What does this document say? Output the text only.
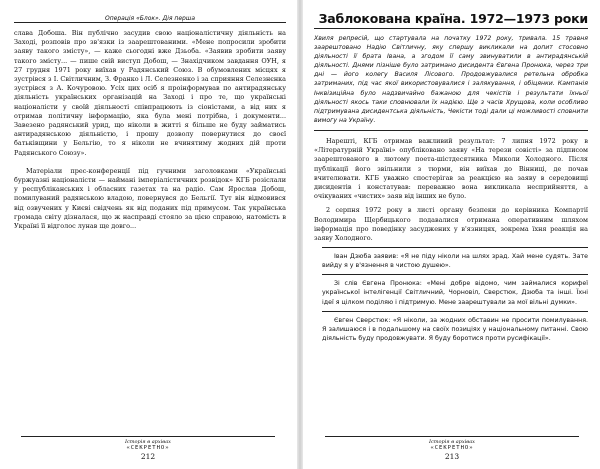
Операція «Блок». Дія перша

слава Добоша. Він публічно засудив свою націоналістичну діяльність на Заході, розповів про зв'язки із заарештованими. «Мене попросили зробити заяву такого змісту», — каже сьогодні вже Дзьоба. «Заявив зробити заяву такого змісту... — пише свій виступ Добош, — Знахідчиком завдання ОУН, я 27 грудня 1971 року виїхав у Радянський Союз. В обумовлених місцях я зустрівся з І. Світличним, З. Франко і Л. Селезненко і за сприяння Селезнєнка зустрівся з А. Кочуровою. Усіх цих осіб я проінформував по антирадянську діяльність українських організацій на Заході і про те, що українські націоналісти у своїй діяльності співпрацюють із сіоністами, а від них я отримав політичну інформацію, яка була мені потрібна, і документи... Завезено радянський урид, що ніколи в житті я більше не буду займатись антирадянською діяльністю, і прошу дозволу повернутися до своєї батьківщини у Бельгію, то я ніколи не вчинятиму жодних дій проти Радянського Союзу».

Матеріали прес-конференції під гучними заголовками «Українські буржуазні націоналісти — наймані імперіалістичних розвідок» КГБ розіслали у республіканських і обласних газетах та на радіо. Сам Ярослав Добош, помилуваний радянською владою, повернувся до Бельгії. Тут він відмовився від озвучених у Києві свідчень як від поданих під примусом. Так українська громада світу дізналася, що ж насправді стояло за цією справою, натомість в Україні її відголос лунав ще довго...

Історія в архівах
«СЕКРЕТНО»
212
Заблокована країна. 1972—1973 роки
Хвиля репресій, що стартувала на початку 1972 року, тривала. 15 травня заарештовано Надію Світличну, яку спершу викликали на допит стосовно діяльності її брата Івана, а згодом її саму звинуватили в антирадянській діяльності. Днями пізніше було затримано дисидента Євгена Пронюка, через три дні — його колегу Василя Лісового. Продовжувалися ретельна обробка затриманих, під час якої використовувалися і залякування, і обіцянки. Кампанія Інквізиційна було надзвичайно бажаною для чекістів і результати їхньої діяльності якось таки сповнювали їх надією. Ще з часів Хрущова, коли особливо підтримувана дисидентська діяльність, Чекісти тоді дали ці можливості сповнити вимогу на Україну.

Нарешті, КГБ отримав важливий результат: 7 липня 1972 року в «Літературній Україні» опубліковано заяву «На терези совісті» за підписом заарештованого в лютому поета-шістдесятника Миколи Холодного. Після публікації його звільнили з тюрми, він виїхав до Вінниці, де почав вчителювати. КГБ уважно спостерігав за реакцією на заяву в середовищі дисидентів і констатував: переважно вона викликала несприйняття, а очікуваних «чистих» заяв від інших не було.

2 серпня 1972 року в листі органу безпеки до керівника Компартії Володимира Щербицького подавалися отримана оперативним шляхом інформація про поведінку засуджених у в'язницях, зокрема їхня реакція на заяву Холодного.

Іван Дзюба заявив: «Я не піду ніколи на шлях зрад. Хай мене судять. Зате вийду я у в'язнення в чистою душею».

Зі слів Євгена Пронюка: «Мені добре відомо, чим займалися корифеї української інтелігенції Світличний, Чорновіл, Сверстюк, Дзюба та інші. Їхні ідеї я цілком поділяю і підтримую. Мене заарештували за мої вільні думки».

Євген Сверстюк: «Я ніколи, за жодних обставин не просити помилування. Я залишаюся і в подальшому на своїх позиціях у національному питанні. Свою діяльність буду продовжувати. Я буду боротися проти русифікації».

Історія в архівах
«СЕКРЕТНО»
213
